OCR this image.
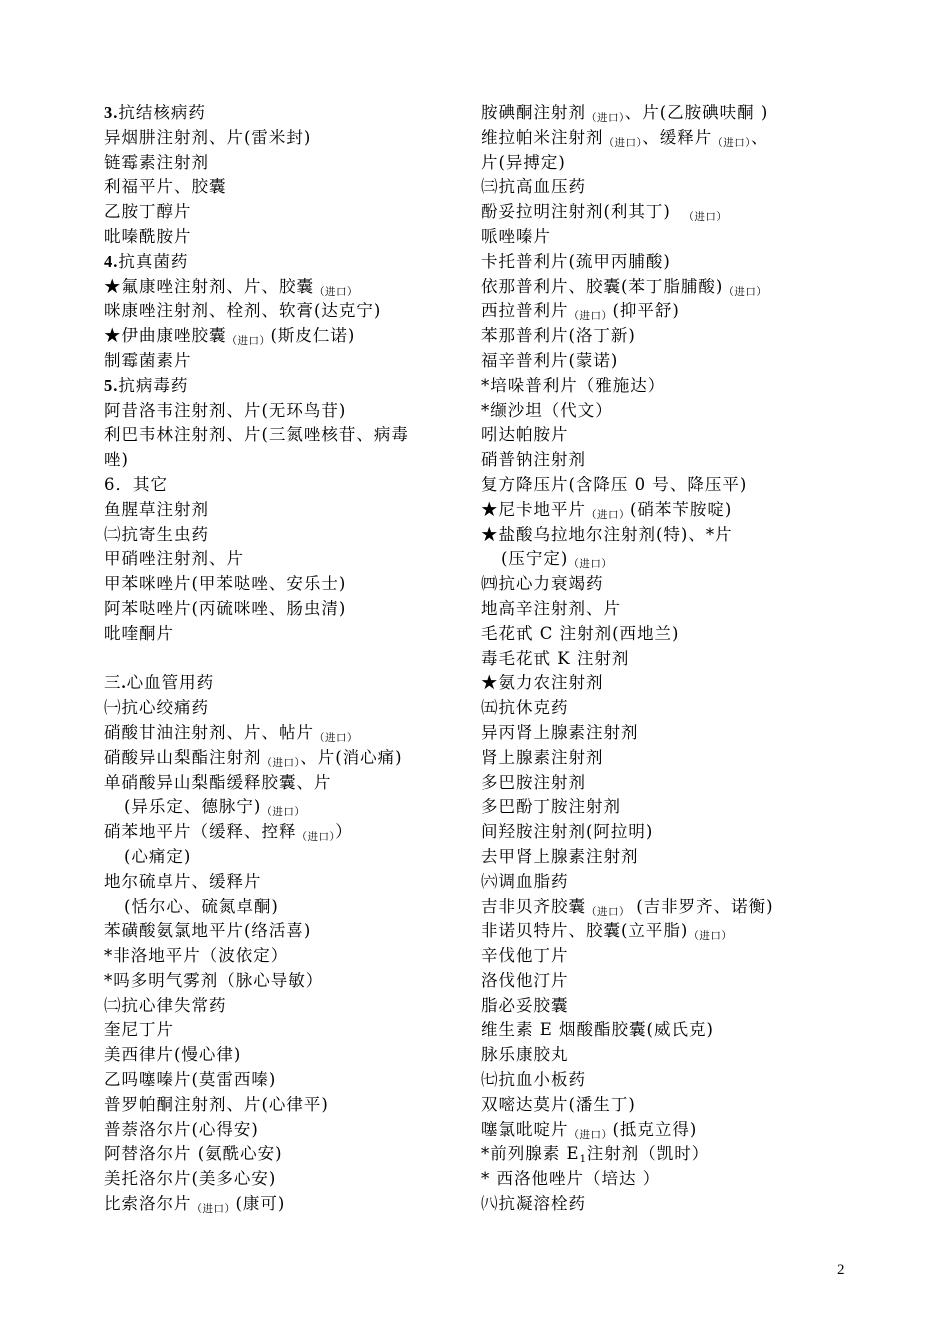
3.抗结核病药
异烟肼注射剂、片(雷米封)
链霉素注射剂
利福平片、胶囊
乙胺丁醇片
吡嗪酰胺片
4.抗真菌药
★氟康唑注射剂、片、胶囊（进口）
咪康唑注射剂、栓剂、软膏(达克宁)
★伊曲康唑胶囊（进口）(斯皮仁诺)
制霉菌素片
5.抗病毒药
阿昔洛韦注射剂、片(无环鸟苷)
利巴韦林注射剂、片(三氮唑核苷、病毒
唑)
6．其它
鱼腥草注射剂
㈡抗寄生虫药
甲硝唑注射剂、片
甲苯咪唑片(甲苯哒唑、安乐士)
阿苯哒唑片(丙硫咪唑、肠虫清)
吡喹酮片
三.心血管用药
㈠抗心绞痛药
硝酸甘油注射剂、片、帖片（进口）
硝酸异山梨酯注射剂（进口）、片(消心痛)
单硝酸异山梨酯缓释胶囊、片
(异乐定、德脉宁)（进口）
硝苯地平片（缓释、控释（进口））
(心痛定)
地尔硫卓片、缓释片
(恬尔心、硫氮卓酮)
苯磺酸氨氯地平片(络活喜)
*非洛地平片（波依定）
*吗多明气雾剂（脉心导敏）
㈡抗心律失常药
奎尼丁片
美西律片(慢心律)
乙吗噻嗪片(莫雷西嗪)
普罗帕酮注射剂、片(心律平)
普萘洛尔片(心得安)
阿替洛尔片 (氨酰心安)
美托洛尔片(美多心安)
比索洛尔片（进口）(康可)
胺碘酮注射剂（进口）、片(乙胺碘呋酮 )
维拉帕米注射剂（进口）、缓释片（进口）、
片(异搏定)
㈢抗高血压药
酚妥拉明注射剂(利其丁) （进口）
哌唑嗪片
卡托普利片(巯甲丙脯酸)
依那普利片、胶囊(苯丁脂脯酸)（进口）
西拉普利片（进口）(抑平舒)
苯那普利片(洛丁新)
福辛普利片(蒙诺)
*培哚普利片（雅施达）
*缬沙坦（代文）
吲达帕胺片
硝普钠注射剂
复方降压片(含降压 0 号、降压平)
★尼卡地平片（进口）(硝苯苄胺啶)
★盐酸乌拉地尔注射剂(特)、*片
(压宁定)（进口）
㈣抗心力衰竭药
地高辛注射剂、片
毛花甙 C 注射剂(西地兰)
毒毛花甙 K 注射剂
★氨力农注射剂
㈤抗休克药
异丙肾上腺素注射剂
肾上腺素注射剂
多巴胺注射剂
多巴酚丁胺注射剂
间羟胺注射剂(阿拉明)
去甲肾上腺素注射剂
㈥调血脂药
吉非贝齐胶囊（进口） (吉非罗齐、诺衡)
非诺贝特片、胶囊(立平脂)（进口）
辛伐他丁片
洛伐他汀片
脂必妥胶囊
维生素 E 烟酸酯胶囊(威氏克)
脉乐康胶丸
㈦抗血小板药
双嘧达莫片(潘生丁)
噻氯吡啶片（进口）(抵克立得)
*前列腺素 E1注射剂（凯时）
* 西洛他唑片（培达 ）
㈧抗凝溶栓药
2
